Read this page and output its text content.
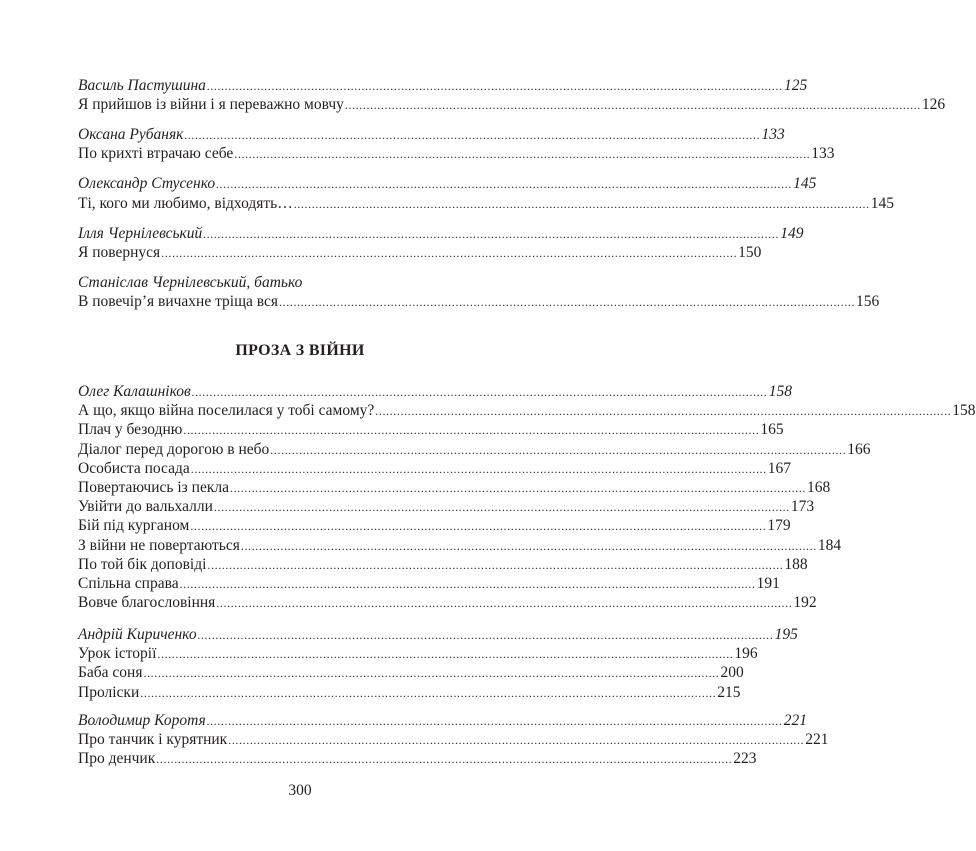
Василь Пастушина ................................................................................................................................................................ 125
Я прийшов із війни і я переважно мовчу ................................................................................................................................................................ 126
Оксана Рубаняк ................................................................................................................................................................ 133
По крихті втрачаю себе ................................................................................................................................................................ 133
Олександр Стусенко ................................................................................................................................................................ 145
Ті, кого ми любимо, відходять… ................................................................................................................................................................ 145
Ілля Чернілевський ................................................................................................................................................................ 149
Я повернуся ................................................................................................................................................................ 150
Станіслав Чернілевський, батько
В повечір’я вичахне тріщa вся ................................................................................................................................................................ 156
ПРОЗА З ВІЙНИ
Олег Калашніков ................................................................................................................................................................ 158
А що, якщо війна поселилася у тобі самому? ................................................................................................................................................................ 158
Плач у безодню ................................................................................................................................................................ 165
Діалог перед дорогою в небо ................................................................................................................................................................ 166
Особиста посада ................................................................................................................................................................ 167
Повертаючись із пекла ................................................................................................................................................................ 168
Увійти до вальхалли ................................................................................................................................................................ 173
Бій під курганом ................................................................................................................................................................ 179
З війни не повертаються ................................................................................................................................................................ 184
По той бік доповіді ................................................................................................................................................................ 188
Спільна справа ................................................................................................................................................................ 191
Вовче благословіння ................................................................................................................................................................ 192
Андрій Кириченко ................................................................................................................................................................ 195
Урок історії ................................................................................................................................................................ 196
Баба соня ................................................................................................................................................................ 200
Проліски ................................................................................................................................................................ 215
Володимир Коротя ................................................................................................................................................................ 221
Про танчик і курятник ................................................................................................................................................................ 221
Про денчик ................................................................................................................................................................ 223
300
